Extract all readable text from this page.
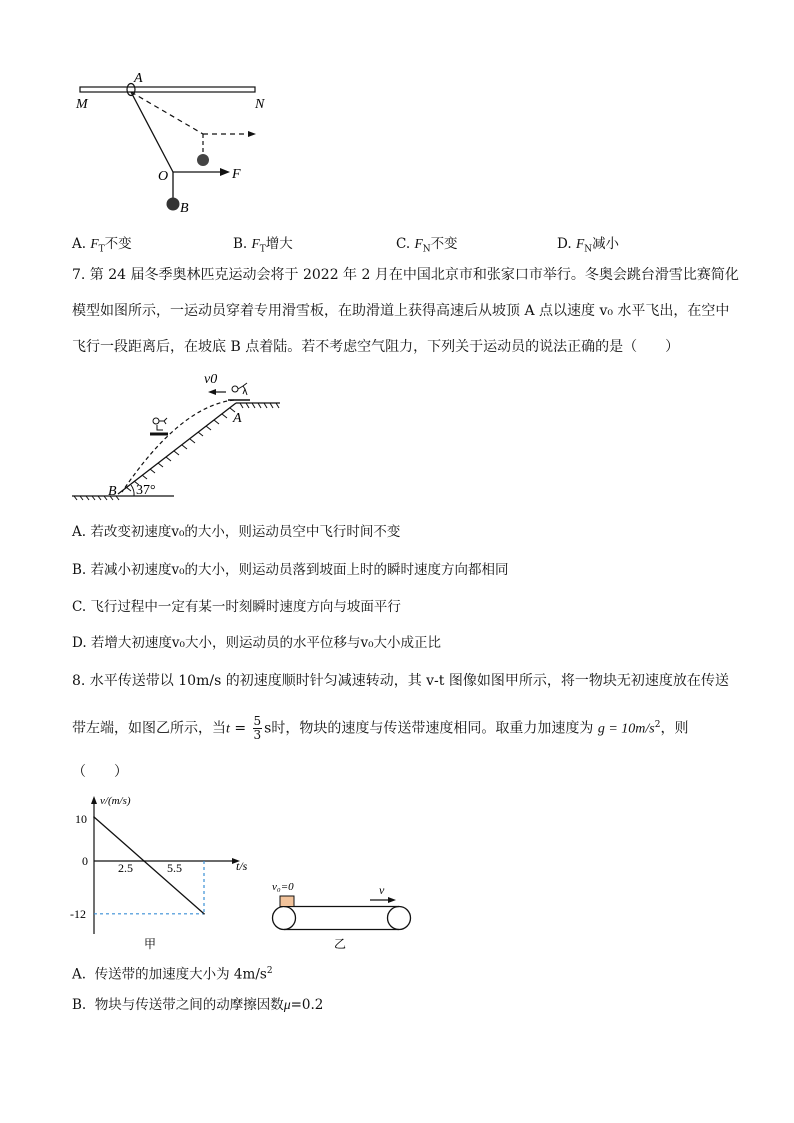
A
M	N
O	F
B
A. $F_T$不变	B. $F_T$增大	C. $F_N$不变	D. $F_N$减小
7. 第 24 届冬季奥林匹克运动会将于 2022 年 2 月在中国北京市和张家口市举行。冬奥会跳台滑雪比赛简化
模型如图所示，一运动员穿着专用滑雪板，在助滑道上获得高速后从坡顶 A 点以速度 v₀ 水平飞出，在空中
飞行一段距离后，在坡底 B 点着陆。若不考虑空气阻力，下列关于运动员的说法正确的是（　　）
v0
A
B 37°
A. 若改变初速度v₀的大小，则运动员空中飞行时间不变
B. 若减小初速度v₀的大小，则运动员落到坡面上时的瞬时速度方向都相同
C. 飞行过程中一定有某一时刻瞬时速度方向与坡面平行
D. 若增大初速度v₀大小，则运动员的水平位移与v₀大小成正比
8. 水平传送带以 10m/s 的初速度顺时针匀减速转动，其 v-t 图像如图甲所示，将一物块无初速度放在传送
带左端，如图乙所示，当$t = \frac{5}{3}$ s时，物块的速度与传送带速度相同。取重力加速度为 $g = 10m/s^2$，则
（　　）
v/(m/s)
t/s
10
0
-12
2.5	5.5
甲
v₀=0	v
乙
A. 传送带的加速度大小为 $4m/s^2$
B. 物块与传送带之间的动摩擦因数μ=0.2
